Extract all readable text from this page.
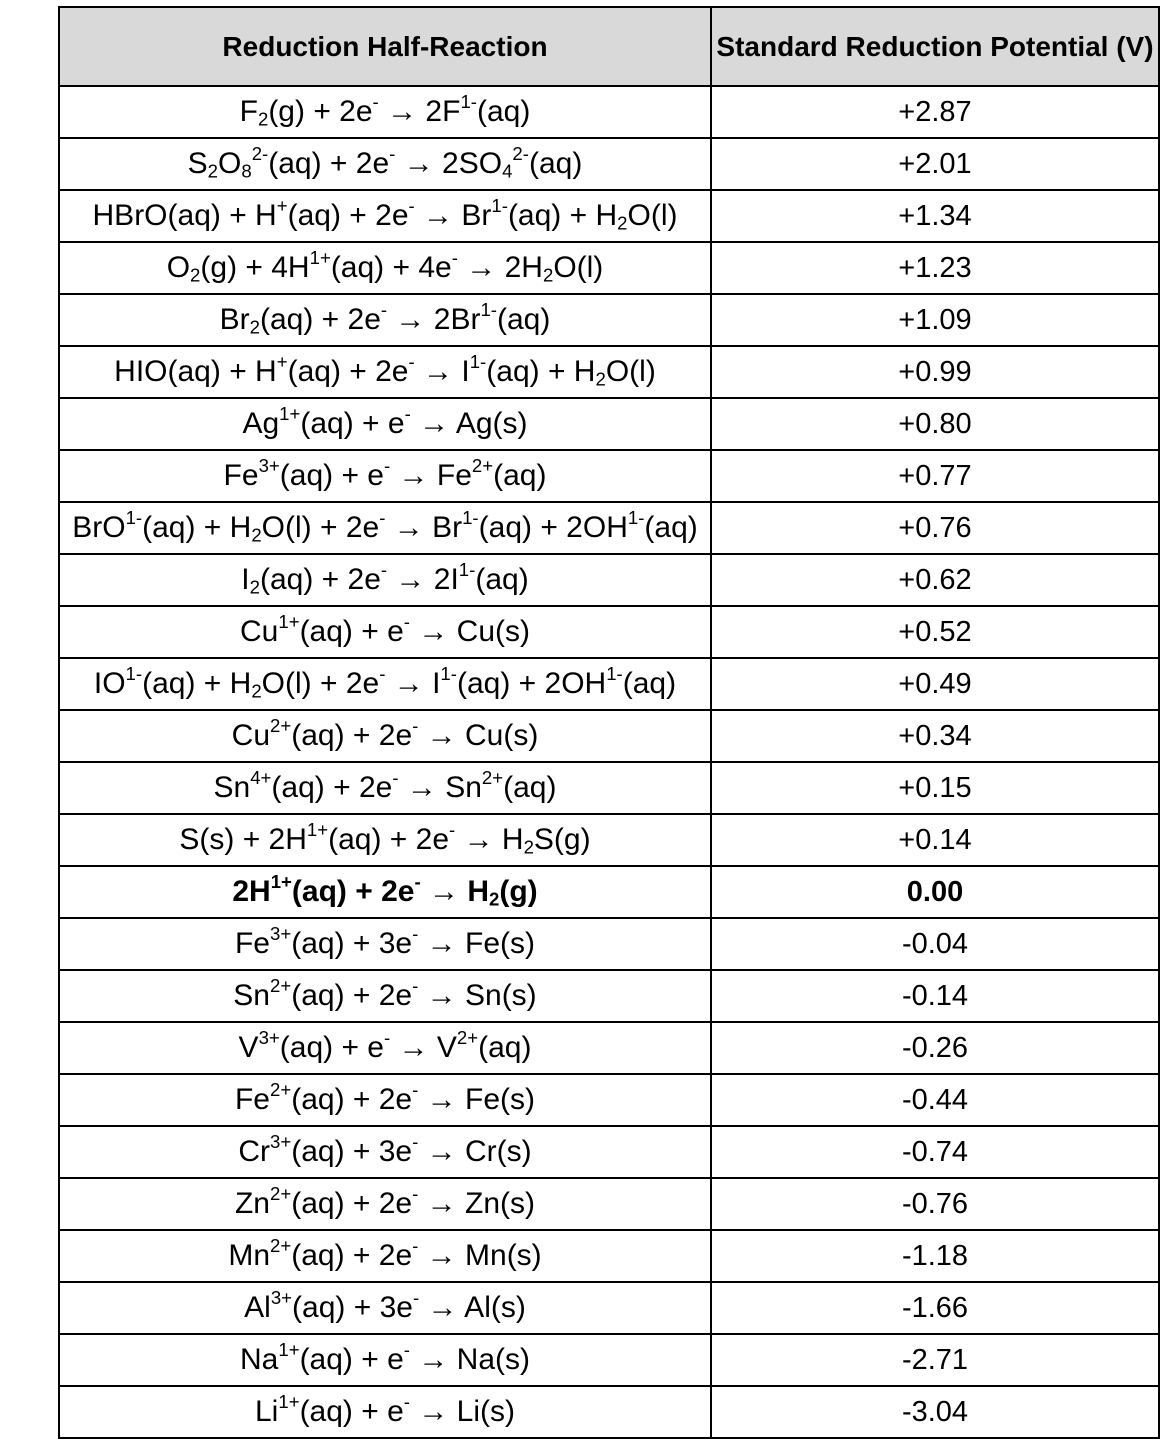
Reduction Half-Reaction	Standard Reduction Potential (V)
$F_2(g) + 2e^- \to 2F^{1-}(aq)$	+2.87
$S_2O_8^{2-}(aq) + 2e^- \to 2SO_4^{2-}(aq)$	+2.01
HBrO(aq) + $H^+(aq) + 2e^- \to Br^{1-}(aq) + H_2O(l)$	+1.34
$O_2(g) + 4H^{1+}(aq) + 4e^- \to 2H_2O(l)$	+1.23
$Br_2(aq) + 2e^- \to 2Br^{1-}(aq)$	+1.09
$HIO(aq) + H^+(aq) + 2e^- \to I^{1-}(aq) + H_2O(l)$	+0.99
$Ag^{1+}(aq) + e^- \to Ag(s)$	+0.80
$Fe^{3+}(aq) + e^- \to Fe^{2+}(aq)$	+0.77
$BrO^{1-}(aq) + H_2O(l) + 2e^- \to Br^{1-}(aq) + 2OH^{1-}(aq)$	+0.76
$I_2(aq) + 2e^- \to 2I^{1-}(aq)$	+0.62
$Cu^{1+}(aq) + e^- \to Cu(s)$	+0.52
$IO^{1-}(aq) + H_2O(l) + 2e^- \to I^{1-}(aq) + 2OH^{1-}(aq)$	+0.49
$Cu^{2+}(aq) + 2e^- \to Cu(s)$	+0.34
$Sn^{4+}(aq) + 2e^- \to Sn^{2+}(aq)$	+0.15
$S(s) + 2H^{1+}(aq) + 2e^- \to H_2S(g)$	+0.14
$2H^{1+}(aq) + 2e^- \to H_2(g)$	0.00
$Fe^{3+}(aq) + 3e^- \to Fe(s)$	-0.04
$Sn^{2+}(aq) + 2e^- \to Sn(s)$	-0.14
$V^{3+}(aq) + e^- \to V^{2+}(aq)$	-0.26
$Fe^{2+}(aq) + 2e^- \to Fe(s)$	-0.44
$Cr^{3+}(aq) + 3e^- \to Cr(s)$	-0.74
$Zn^{2+}(aq) + 2e^- \to Zn(s)$	-0.76
$Mn^{2+}(aq) + 2e^- \to Mn(s)$	-1.18
$Al^{3+}(aq) + 3e^- \to Al(s)$	-1.66
$Na^{1+}(aq) + e^- \to Na(s)$	-2.71
$Li^{1+}(aq) + e^- \to Li(s)$	-3.04
